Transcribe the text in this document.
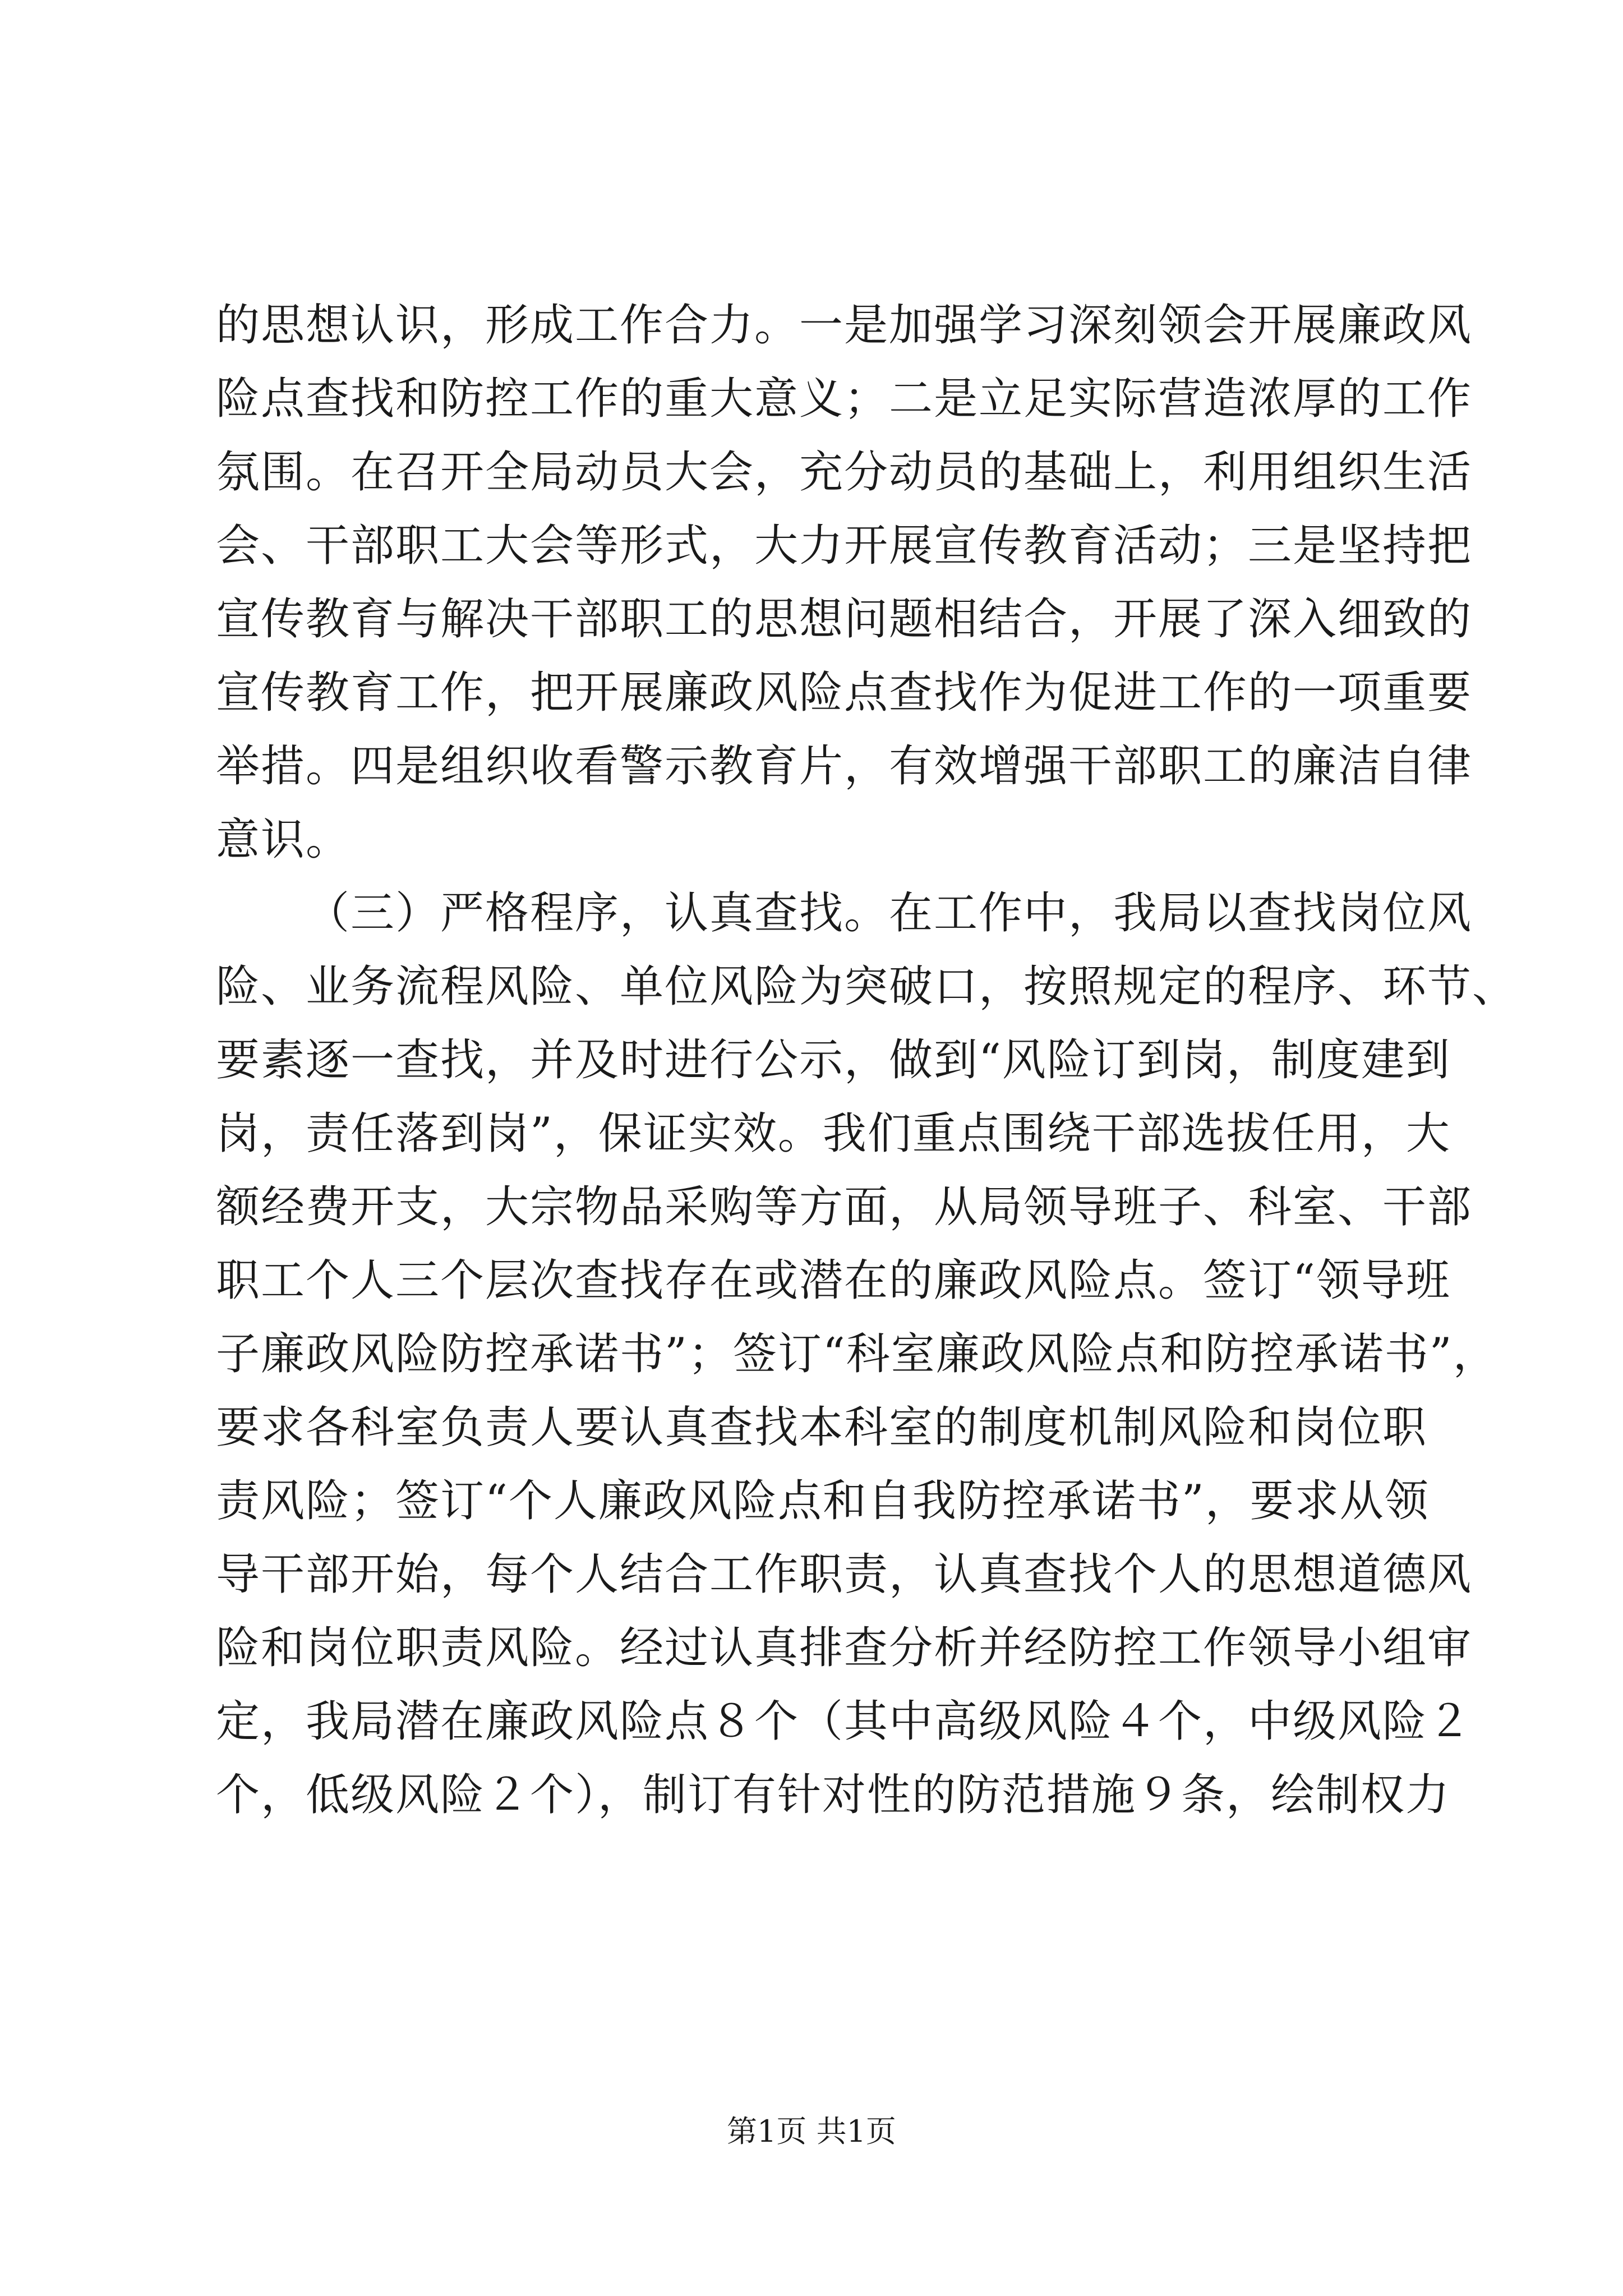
的思想认识，形成工作合力。一是加强学习深刻领会开展廉政风
险点查找和防控工作的重大意义；二是立足实际营造浓厚的工作
氛围。在召开全局动员大会，充分动员的基础上，利用组织生活
会、干部职工大会等形式，大力开展宣传教育活动；三是坚持把
宣传教育与解决干部职工的思想问题相结合，开展了深入细致的
宣传教育工作，把开展廉政风险点查找作为促进工作的一项重要
举措。四是组织收看警示教育片，有效增强干部职工的廉洁自律
意识。
（三）严格程序，认真查找。在工作中，我局以查找岗位风
险、业务流程风险、单位风险为突破口，按照规定的程序、环节、
要素逐一查找，并及时进行公示，做到“风险订到岗，制度建到
岗，责任落到岗”，保证实效。我们重点围绕干部选拔任用，大
额经费开支，大宗物品采购等方面，从局领导班子、科室、干部
职工个人三个层次查找存在或潜在的廉政风险点。签订“领导班
子廉政风险防控承诺书”；签订“科室廉政风险点和防控承诺书”，
要求各科室负责人要认真查找本科室的制度机制风险和岗位职
责风险；签订“个人廉政风险点和自我防控承诺书”，要求从领
导干部开始，每个人结合工作职责，认真查找个人的思想道德风
险和岗位职责风险。经过认真排查分析并经防控工作领导小组审
定，我局潜在廉政风险点８个（其中高级风险４个，中级风险２
个，低级风险２个），制订有针对性的防范措施９条，绘制权力
第1页 共1页
